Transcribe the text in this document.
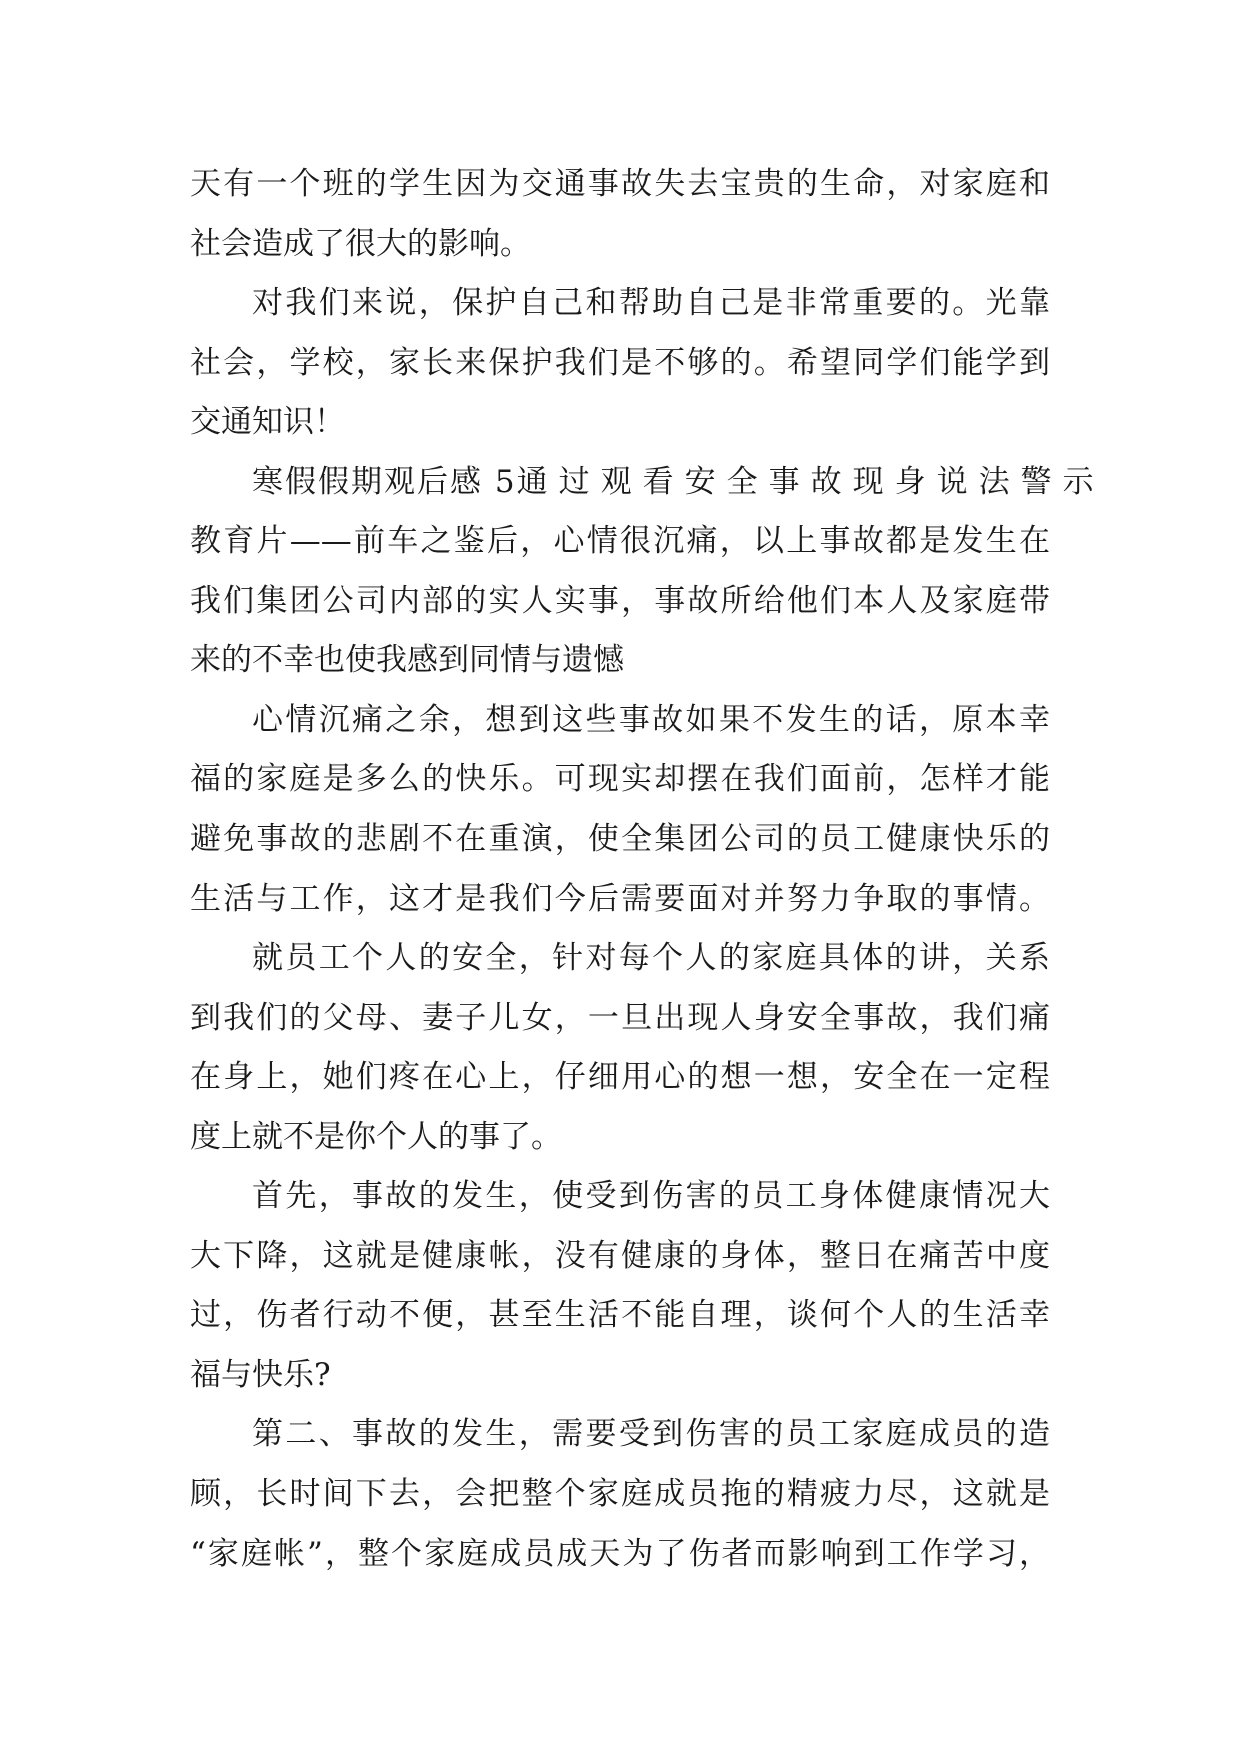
天有一个班的学生因为交通事故失去宝贵的生命，对家庭和
社会造成了很大的影响。
对我们来说，保护自己和帮助自己是非常重要的。光靠
社会，学校，家长来保护我们是不够的。希望同学们能学到
交通知识！
寒假假期观后感 5 通过观看安全事故现身说法警示
教育片——前车之鉴后，心情很沉痛，以上事故都是发生在
我们集团公司内部的实人实事，事故所给他们本人及家庭带
来的不幸也使我感到同情与遗憾
心情沉痛之余，想到这些事故如果不发生的话，原本幸
福的家庭是多么的快乐。可现实却摆在我们面前，怎样才能
避免事故的悲剧不在重演，使全集团公司的员工健康快乐的
生活与工作，这才是我们今后需要面对并努力争取的事情。
就员工个人的安全，针对每个人的家庭具体的讲，关系
到我们的父母、妻子儿女，一旦出现人身安全事故，我们痛
在身上，她们疼在心上，仔细用心的想一想，安全在一定程
度上就不是你个人的事了。
首先，事故的发生，使受到伤害的员工身体健康情况大
大下降，这就是健康帐，没有健康的身体，整日在痛苦中度
过，伤者行动不便，甚至生活不能自理，谈何个人的生活幸
福与快乐?
第二、事故的发生，需要受到伤害的员工家庭成员的造
顾，长时间下去，会把整个家庭成员拖的精疲力尽，这就是
“家庭帐”，整个家庭成员成天为了伤者而影响到工作学习，
